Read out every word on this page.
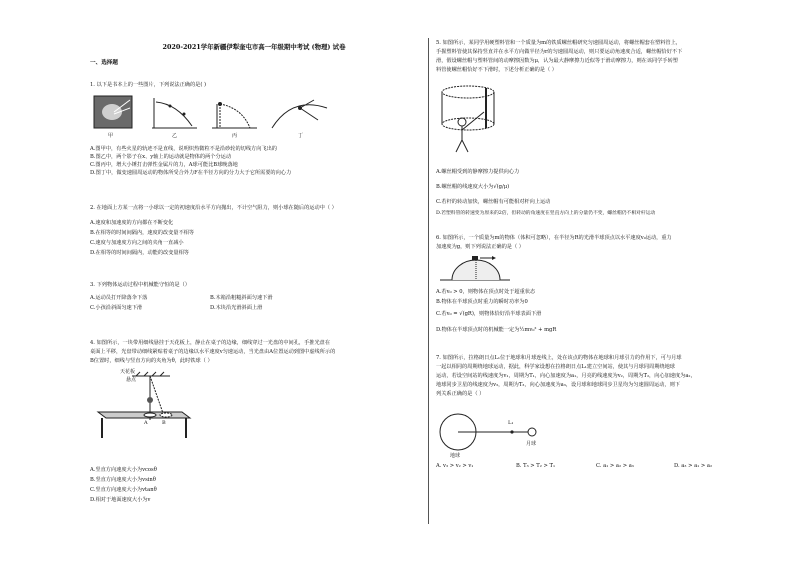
2020-2021学年新疆伊犁奎屯市高一年级期中考试 (物理) 试卷
一、选择题
1. 以下是书本上的一些图片，下列说法正确的是( )
甲	乙	丙	丁
A.图甲中，有些火星的轨迹不是直线，说明炽热微粒不是沿砂轮的切线方向飞出的
B.图乙中，两个影子在x、y轴上的运动就是物体的两个分运动
C.图丙中，增大小锤打击弹性金属片的力，A球可能比B球晚落地
D.图丁中，做变速圆周运动的物体所受合外力F在半径方向的分力大于它所需要的向心力
2. 在地面上方某一点将一小球以一定的初速度沿水平方向抛出，不计空气阻力，则小球在随后的运动中（ ）
A.速度和加速度的方向都在不断变化
B.在相等的时间间隔内，速度的改变量不相等
C.速度与加速度方向之间的夹角一直减小
D.在相等的时间间隔内，动能的改变量相等
3. 下列物体运动过程中机械能守恒的是（）
A.运动员打开降落伞下落	B.木箱沿粗糙斜面匀速下滑
C.小孩沿斜面匀速下滑	D.木块沿光滑斜面上滑
4. 如图所示，一块带用细线悬挂于天花板上，静止在桌子的边缘，细线穿过一光盘的中间孔，手推光盘在
桌面上平移，光盘带动细线紧贴着桌子的边缘以水平速度v匀速运动，当光盘由A位置运动到图中虚线所示的
B位置时，细线与竖直方向的夹角为θ，此时铁球（ ）
天花板
悬点
A	B
A.竖直方向速度大小为vcosθ
B.竖直方向速度大小为vsinθ
C.竖直方向速度大小为vtanθ
D.相对于地面速度大小为v
5. 如图所示，某同学用硬塑料管和一个质量为m的铁质螺丝帽研究匀速圆周运动，将螺丝帽套在塑料管上，
手握塑料管使其保持竖直并在水平方向做半径为r的匀速圆周运动，则只要运动角速度合适，螺丝帽恰好不下
滑，假设螺丝帽与塑料管间的动摩擦因数为μ，认为最大静摩擦力近似等于滑动摩擦力，则在该同学手转塑
料管使螺丝帽恰好不下滑时，下述分析正确的是（ ）
A.螺丝帽受到的静摩擦力提供向心力
B.螺丝帽的线速度大小为√(g/μ)
C.若杆的转动加快，螺丝帽有可能相对杆向上运动
D.若塑料管的转速变为原来的2倍，但转动的角速度在竖直方向上的分量仍不变，螺丝帽仍不相对杆运动
6. 如图所示，一个质量为m的物体（体积可忽略），在半径为R的光滑半球顶点以水平速度v₀运动，重力
加速度为g，则下列说法正确的是（ ）
A.若v₀ > 0，则物体在顶点时处于超重状态
B.物体在半球顶点时重力的瞬时功率为0
C.若v₀ = √(gR)，则物体恰好沿半球表面下滑
D.物体在半球顶点时的机械能一定为½mv₀² + mgR
7. 如图所示，拉格朗日点L₁位于地球和月球连线上，处在该点的物体在地球和月球引力的作用下，可与月球
一起以相同的周期绕地球运动，据此，科学家设想在拉格朗日点L₁建立空间站，使其与月球同周期绕地球
运动，若设空间站的线速度为v₁，周期为T₁，向心加速度为a₁，月亮的线速度为v₂，周期为T₂，向心加速度为a₂，
地球同步卫星的线速度为v₃，周期为T₃，向心加速度为a₃，设月球和地球同步卫星均为匀速圆周运动，则下
列关系正确的是（ ）
地球
L₁
月球
A. v₃ > v₂ > v₁	B. T₃ > T₂ > T₁	C. a₁ > a₂ > a₃	D. a₃ > a₁ > a₂
